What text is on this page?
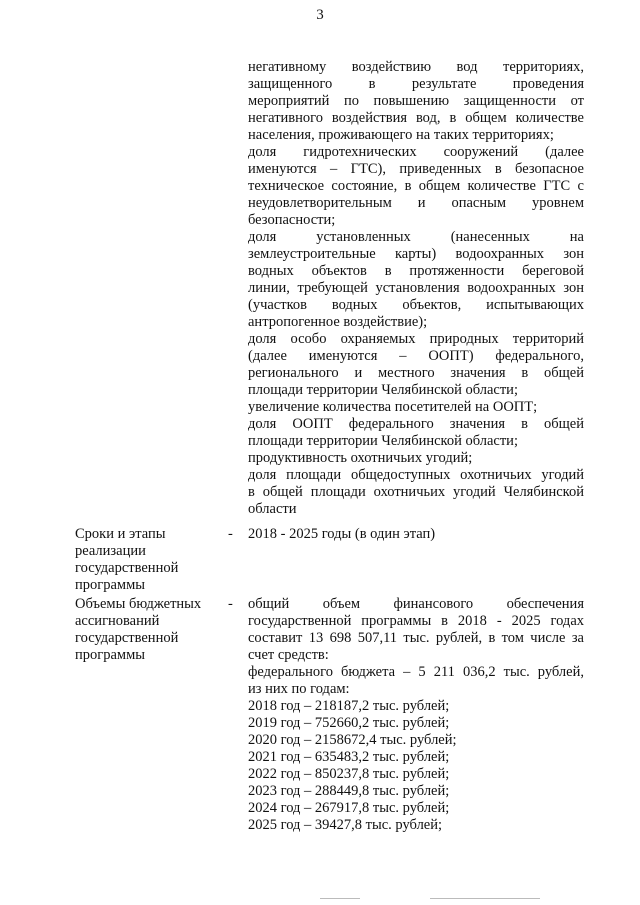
3
негативному воздействию вод территориях,
защищенного в результате проведения
мероприятий по повышению защищенности от
негативного воздействия вод, в общем количестве
населения, проживающего на таких территориях;
доля гидротехнических сооружений (далее
именуются – ГТС), приведенных в безопасное
техническое состояние, в общем количестве ГТС с
неудовлетворительным и опасным уровнем
безопасности;
доля установленных (нанесенных на
землеустроительные карты) водоохранных зон
водных объектов в протяженности береговой
линии, требующей установления водоохранных зон
(участков водных объектов, испытывающих
антропогенное воздействие);
доля особо охраняемых природных территорий
(далее именуются – ООПТ) федерального,
регионального и местного значения в общей
площади территории Челябинской области;
увеличение количества посетителей на ООПТ;
доля ООПТ федерального значения в общей
площади территории Челябинской области;
продуктивность охотничьих угодий;
доля площади общедоступных охотничьих угодий
в общей площади охотничьих угодий Челябинской
области
Сроки и этапы
реализации
государственной
программы
- 2018 - 2025 годы (в один этап)
Объемы бюджетных
ассигнований
государственной
программы
- общий объем финансового обеспечения
государственной программы в 2018 - 2025 годах
составит 13 698 507,11 тыс. рублей, в том числе за
счет средств:
федерального бюджета – 5 211 036,2 тыс. рублей,
из них по годам:
2018 год – 218187,2 тыс. рублей;
2019 год – 752660,2 тыс. рублей;
2020 год – 2158672,4 тыс. рублей;
2021 год – 635483,2 тыс. рублей;
2022 год – 850237,8 тыс. рублей;
2023 год – 288449,8 тыс. рублей;
2024 год – 267917,8 тыс. рублей;
2025 год – 39427,8 тыс. рублей;
